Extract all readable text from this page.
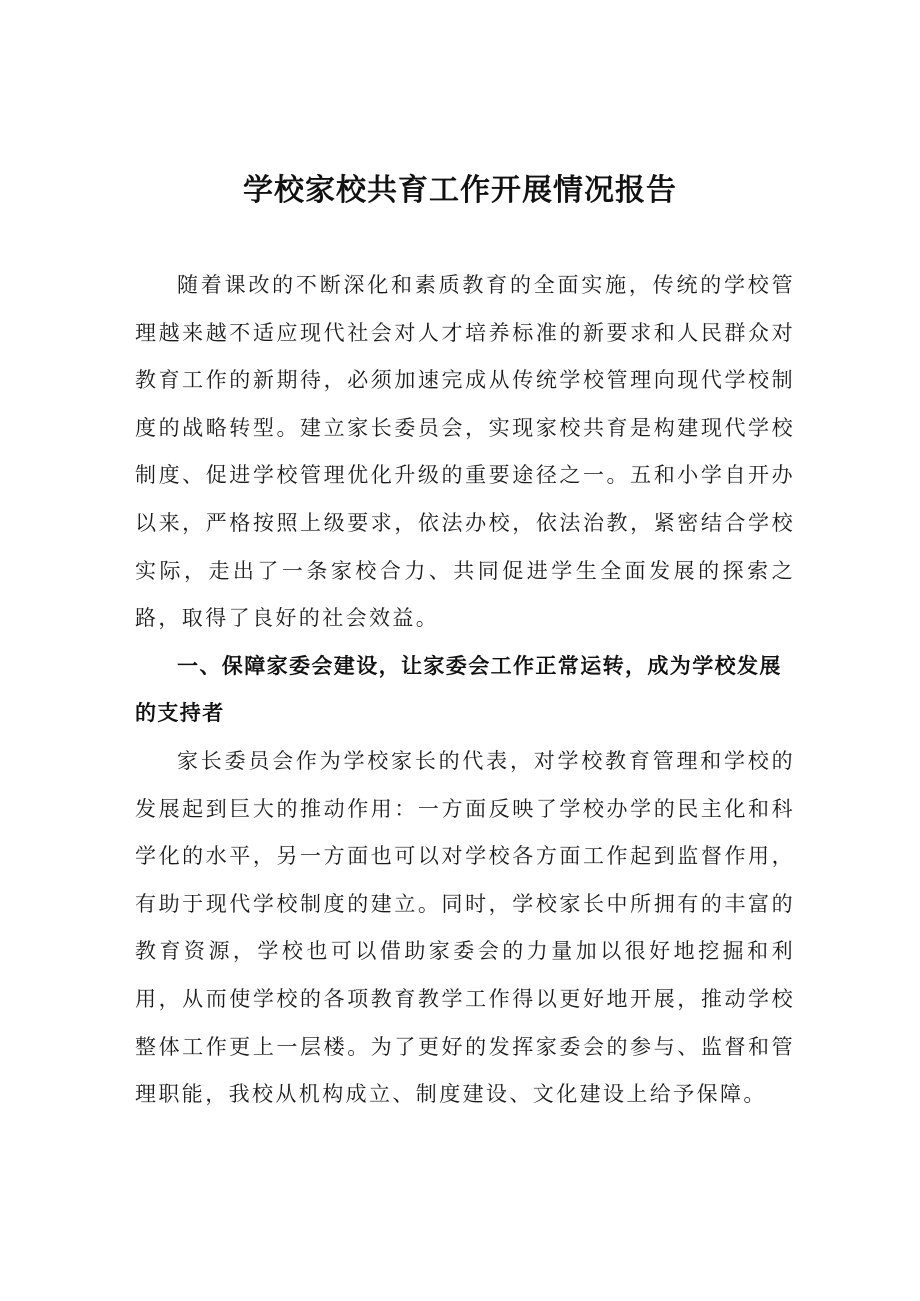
学校家校共育工作开展情况报告

随着课改的不断深化和素质教育的全面实施，传统的学校管理越来越不适应现代社会对人才培养标准的新要求和人民群众对教育工作的新期待，必须加速完成从传统学校管理向现代学校制度的战略转型。建立家长委员会，实现家校共育是构建现代学校制度、促进学校管理优化升级的重要途径之一。五和小学自开办以来，严格按照上级要求，依法办校，依法治教，紧密结合学校实际，走出了一条家校合力、共同促进学生全面发展的探索之路，取得了良好的社会效益。

一、保障家委会建设，让家委会工作正常运转，成为学校发展的支持者

家长委员会作为学校家长的代表，对学校教育管理和学校的发展起到巨大的推动作用：一方面反映了学校办学的民主化和科学化的水平，另一方面也可以对学校各方面工作起到监督作用，有助于现代学校制度的建立。同时，学校家长中所拥有的丰富的教育资源，学校也可以借助家委会的力量加以很好地挖掘和利用，从而使学校的各项教育教学工作得以更好地开展，推动学校整体工作更上一层楼。为了更好的发挥家委会的参与、监督和管理职能，我校从机构成立、制度建设、文化建设上给予保障。
